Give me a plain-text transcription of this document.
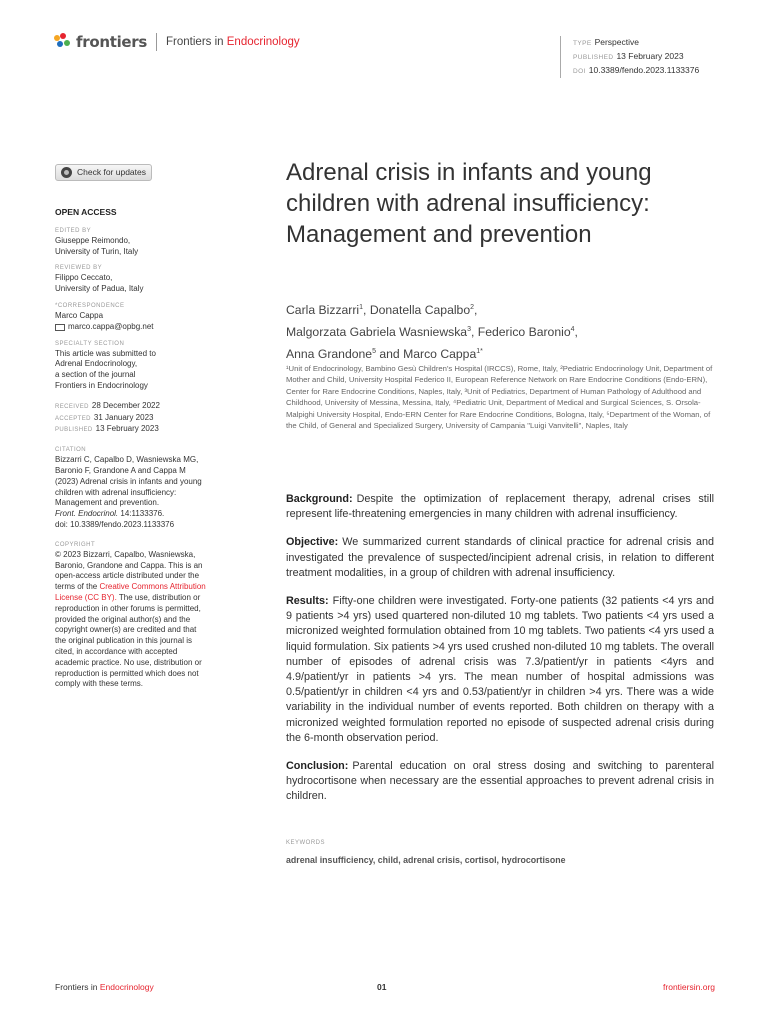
frontiers Frontiers in Endocrinology	TYPE Perspective
PUBLISHED 13 February 2023
DOI 10.3389/fendo.2023.1133376
Check for updates
OPEN ACCESS
EDITED BY
Giuseppe Reimondo,
University of Turin, Italy
REVIEWED BY
Filippo Ceccato,
University of Padua, Italy
*CORRESPONDENCE
Marco Cappa
marco.cappa@opbg.net
SPECIALTY SECTION
This article was submitted to
Adrenal Endocrinology,
a section of the journal
Frontiers in Endocrinology
RECEIVED 28 December 2022
ACCEPTED 31 January 2023
PUBLISHED 13 February 2023
CITATION
Bizzarri C, Capalbo D, Wasniewska MG,
Baronio F, Grandone A and Cappa M
(2023) Adrenal crisis in infants and young
children with adrenal insufficiency:
Management and prevention.
Front. Endocrinol. 14:1133376.
doi: 10.3389/fendo.2023.1133376
COPYRIGHT
© 2023 Bizzarri, Capalbo, Wasniewska,
Baronio, Grandone and Cappa. This is an
open-access article distributed under the
terms of the Creative Commons Attribution
License (CC BY). The use, distribution or
reproduction in other forums is permitted,
provided the original author(s) and the
copyright owner(s) are credited and that
the original publication in this journal is
cited, in accordance with accepted
academic practice. No use, distribution or
reproduction is permitted which does not
comply with these terms.
Adrenal crisis in infants and young children with adrenal insufficiency: Management and prevention
Carla Bizzarri$^1$, Donatella Capalbo$^2$,
Malgorzata Gabriela Wasniewska$^3$, Federico Baronio$^4$,
Anna Grandone$^5$ and Marco Cappa$^{1*}$
¹Unit of Endocrinology, Bambino Gesù Children's Hospital (IRCCS), Rome, Italy, ²Pediatric Endocrinology Unit, Department of Mother and Child, University Hospital Federico II, European Reference Network on Rare Endocrine Conditions (Endo-ERN), Center for Rare Endocrine Conditions, Naples, Italy, ³Unit of Pediatrics, Department of Human Pathology of Adulthood and Childhood, University of Messina, Messina, Italy, ⁴Pediatric Unit, Department of Medical and Surgical Sciences, S. Orsola-Malpighi University Hospital, Endo-ERN Center for Rare Endocrine Conditions, Bologna, Italy, ⁵Department of the Woman, of the Child, of General and Specialized Surgery, University of Campania "Luigi Vanvitelli", Naples, Italy

Background: Despite the optimization of replacement therapy, adrenal crises still represent life-threatening emergencies in many children with adrenal insufficiency.

Objective: We summarized current standards of clinical practice for adrenal crisis and investigated the prevalence of suspected/incipient adrenal crisis, in relation to different treatment modalities, in a group of children with adrenal insufficiency.

Results: Fifty-one children were investigated. Forty-one patients (32 patients <4 yrs and 9 patients >4 yrs) used quartered non-diluted 10 mg tablets. Two patients <4 yrs used a micronized weighted formulation obtained from 10 mg tablets. Two patients <4 yrs used a liquid formulation. Six patients >4 yrs used crushed non-diluted 10 mg tablets. The overall number of episodes of adrenal crisis was 7.3/patient/yr in patients <4yrs and 4.9/patient/yr in patients >4 yrs. The mean number of hospital admissions was 0.5/patient/yr in children <4 yrs and 0.53/patient/yr in children >4 yrs. There was a wide variability in the individual number of events reported. Both children on therapy with a micronized weighted formulation reported no episode of suspected adrenal crisis during the 6-month observation period.

Conclusion: Parental education on oral stress dosing and switching to parenteral hydrocortisone when necessary are the essential approaches to prevent adrenal crisis in children.

KEYWORDS
adrenal insufficiency, child, adrenal crisis, cortisol, hydrocortisone
Frontiers in Endocrinology	01	frontiersin.org
